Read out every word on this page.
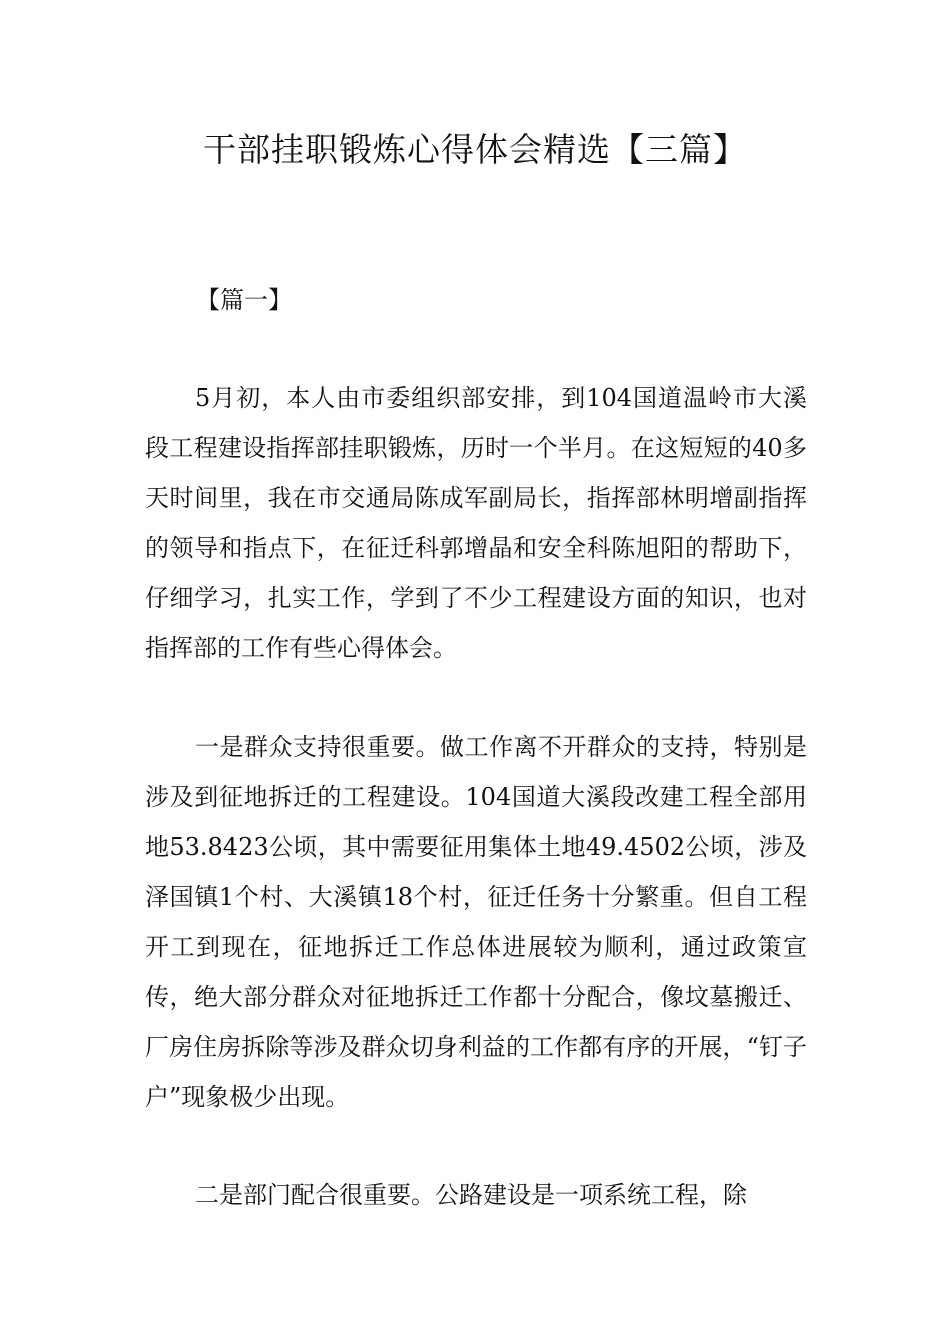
干部挂职锻炼心得体会精选【三篇】
【篇一】

5月初，本人由市委组织部安排，到104国道温岭市大溪段工程建设指挥部挂职锻炼，历时一个半月。在这短短的40多天时间里，我在市交通局陈成军副局长，指挥部林明增副指挥的领导和指点下，在征迁科郭增晶和安全科陈旭阳的帮助下，仔细学习，扎实工作，学到了不少工程建设方面的知识，也对指挥部的工作有些心得体会。

一是群众支持很重要。做工作离不开群众的支持，特别是涉及到征地拆迁的工程建设。104国道大溪段改建工程全部用地53.8423公顷，其中需要征用集体土地49.4502公顷，涉及泽国镇1个村、大溪镇18个村，征迁任务十分繁重。但自工程开工到现在，征地拆迁工作总体进展较为顺利，通过政策宣传，绝大部分群众对征地拆迁工作都十分配合，像坟墓搬迁、厂房住房拆除等涉及群众切身利益的工作都有序的开展，“钉子户”现象极少出现。

二是部门配合很重要。公路建设是一项系统工程，除
